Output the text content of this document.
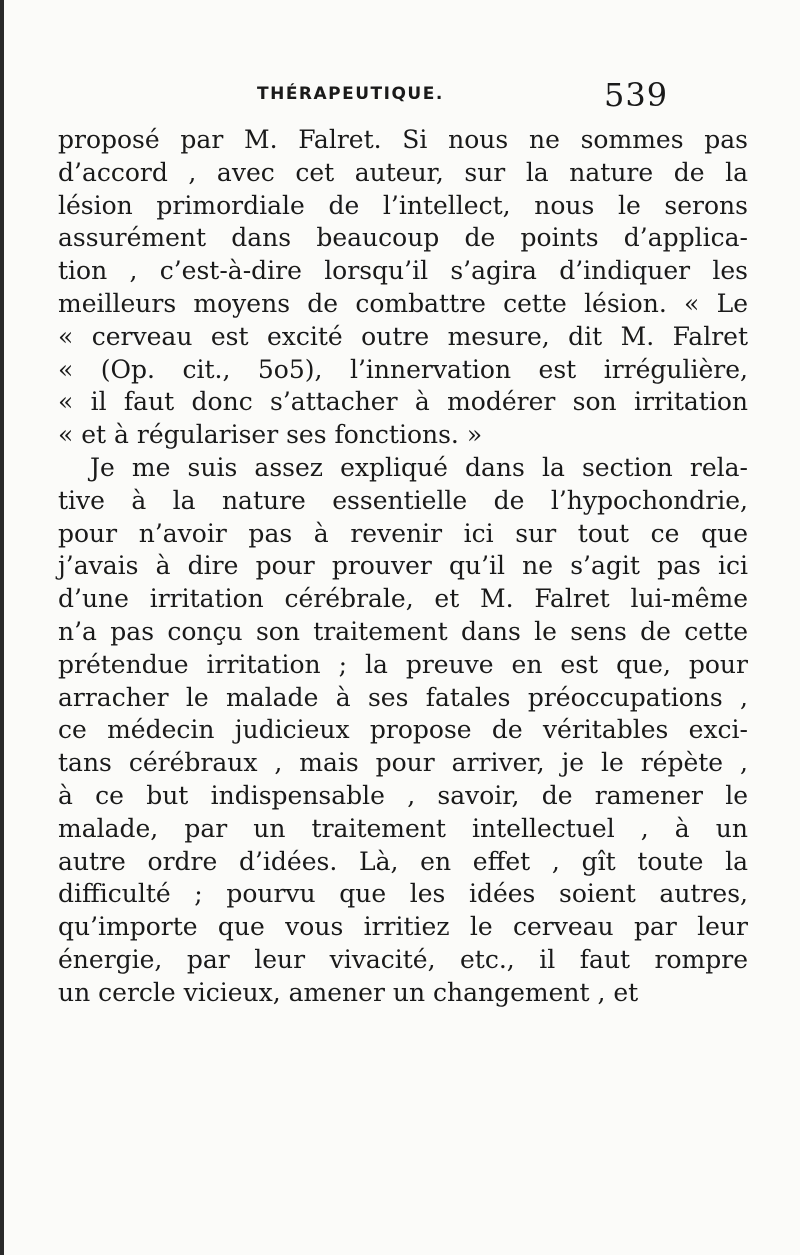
THÉRAPEUTIQUE.	539
proposé par M. Falret. Si nous ne sommes pas
d’accord , avec cet auteur, sur la nature de la
lésion primordiale de l’intellect, nous le serons
assurément dans beaucoup de points d’applica-
tion , c’est-à-dire lorsqu’il s’agira d’indiquer les
meilleurs moyens de combattre cette lésion. « Le
« cerveau est excité outre mesure, dit M. Falret
« (Op. cit., 5o5), l’innervation est irrégulière,
« il faut donc s’attacher à modérer son irritation
« et à régulariser ses fonctions. »
Je me suis assez expliqué dans la section rela-
tive à la nature essentielle de l’hypochondrie,
pour n’avoir pas à revenir ici sur tout ce que
j’avais à dire pour prouver qu’il ne s’agit pas ici
d’une irritation cérébrale, et M. Falret lui-même
n’a pas conçu son traitement dans le sens de cette
prétendue irritation ; la preuve en est que, pour
arracher le malade à ses fatales préoccupations ,
ce médecin judicieux propose de véritables exci-
tans cérébraux , mais pour arriver, je le répète ,
à ce but indispensable , savoir, de ramener le
malade, par un traitement intellectuel , à un
autre ordre d’idées. Là, en effet , gît toute la
difficulté ; pourvu que les idées soient autres,
qu’importe que vous irritiez le cerveau par leur
énergie, par leur vivacité, etc., il faut rompre
un cercle vicieux, amener un changement , et
